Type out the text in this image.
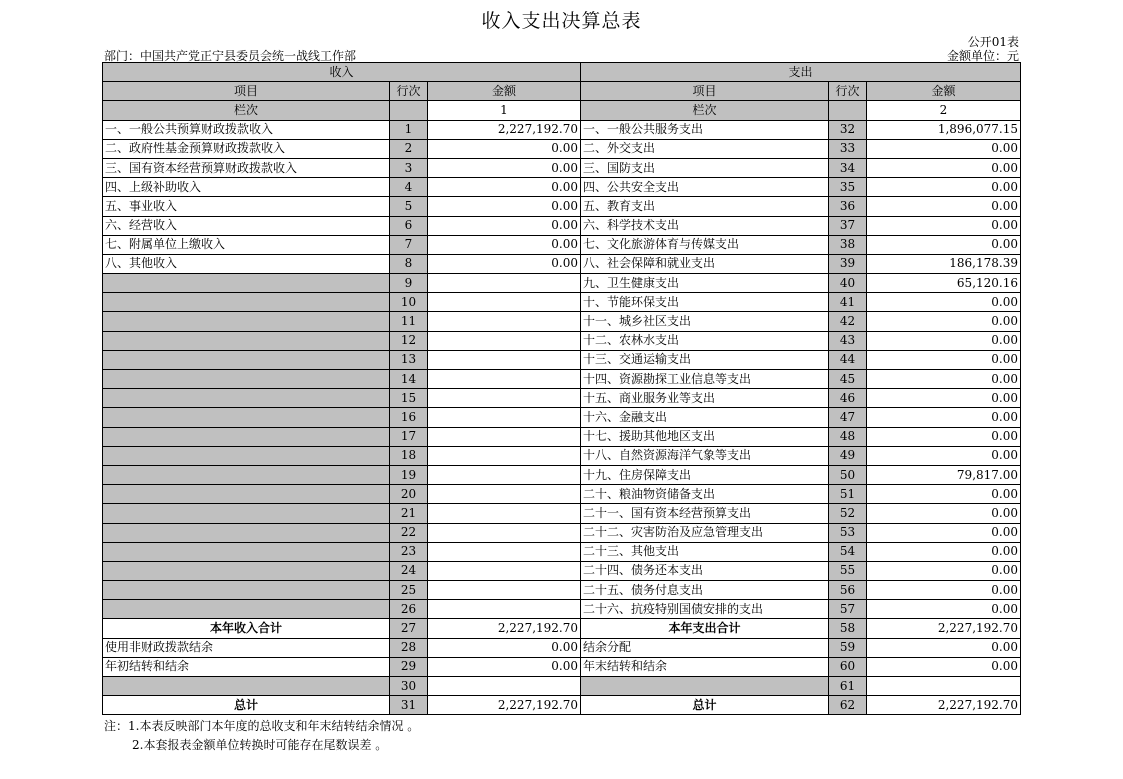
收入支出决算总表
公开01表
部门：中国共产党正宁县委员会统一战线工作部	金额单位：元
收入			支出		
项目	行次	金额	项目	行次	金额
栏次		1	栏次		2
一、一般公共预算财政拨款收入	1	2,227,192.70	一、一般公共服务支出	32	1,896,077.15
二、政府性基金预算财政拨款收入	2	0.00	二、外交支出	33	0.00
三、国有资本经营预算财政拨款收入	3	0.00	三、国防支出	34	0.00
四、上级补助收入	4	0.00	四、公共安全支出	35	0.00
五、事业收入	5	0.00	五、教育支出	36	0.00
六、经营收入	6	0.00	六、科学技术支出	37	0.00
七、附属单位上缴收入	7	0.00	七、文化旅游体育与传媒支出	38	0.00
八、其他收入	8	0.00	八、社会保障和就业支出	39	186,178.39
	9		九、卫生健康支出	40	65,120.16
	10		十、节能环保支出	41	0.00
	11		十一、城乡社区支出	42	0.00
	12		十二、农林水支出	43	0.00
	13		十三、交通运输支出	44	0.00
	14		十四、资源勘探工业信息等支出	45	0.00
	15		十五、商业服务业等支出	46	0.00
	16		十六、金融支出	47	0.00
	17		十七、援助其他地区支出	48	0.00
	18		十八、自然资源海洋气象等支出	49	0.00
	19		十九、住房保障支出	50	79,817.00
	20		二十、粮油物资储备支出	51	0.00
	21		二十一、国有资本经营预算支出	52	0.00
	22		二十二、灾害防治及应急管理支出	53	0.00
	23		二十三、其他支出	54	0.00
	24		二十四、债务还本支出	55	0.00
	25		二十五、债务付息支出	56	0.00
	26		二十六、抗疫特别国债安排的支出	57	0.00
本年收入合计	27	2,227,192.70	本年支出合计	58	2,227,192.70
使用非财政拨款结余	28	0.00	结余分配	59	0.00
年初结转和结余	29	0.00	年末结转和结余	60	0.00
	30			61	
总计	31	2,227,192.70	总计	62	2,227,192.70
注：1.本表反映部门本年度的总收支和年末结转结余情况 。
2.本套报表金额单位转换时可能存在尾数误差 。
